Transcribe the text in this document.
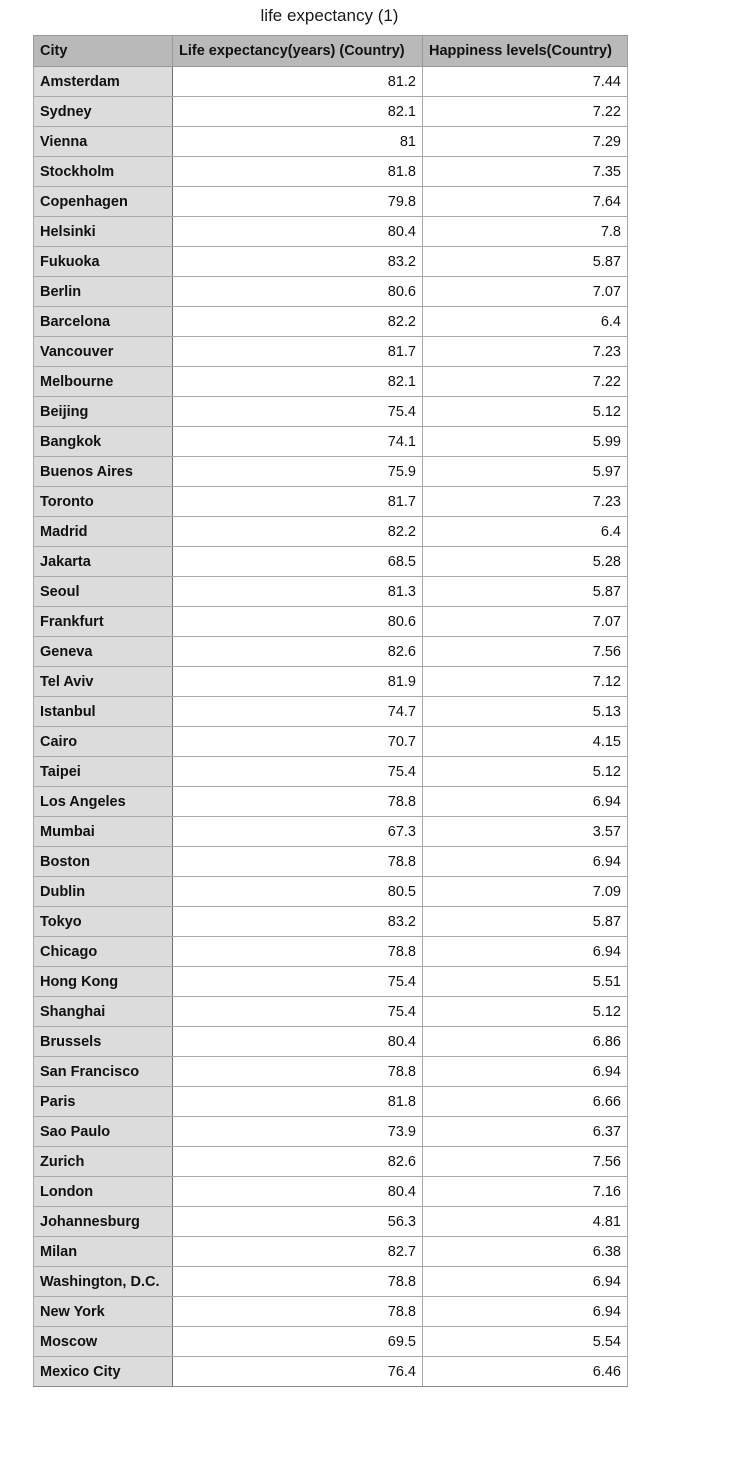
life expectancy (1)
City	Life expectancy(years) (Country)	Happiness levels(Country)
Amsterdam	81.2	7.44
Sydney	82.1	7.22
Vienna	81	7.29
Stockholm	81.8	7.35
Copenhagen	79.8	7.64
Helsinki	80.4	7.8
Fukuoka	83.2	5.87
Berlin	80.6	7.07
Barcelona	82.2	6.4
Vancouver	81.7	7.23
Melbourne	82.1	7.22
Beijing	75.4	5.12
Bangkok	74.1	5.99
Buenos Aires	75.9	5.97
Toronto	81.7	7.23
Madrid	82.2	6.4
Jakarta	68.5	5.28
Seoul	81.3	5.87
Frankfurt	80.6	7.07
Geneva	82.6	7.56
Tel Aviv	81.9	7.12
Istanbul	74.7	5.13
Cairo	70.7	4.15
Taipei	75.4	5.12
Los Angeles	78.8	6.94
Mumbai	67.3	3.57
Boston	78.8	6.94
Dublin	80.5	7.09
Tokyo	83.2	5.87
Chicago	78.8	6.94
Hong Kong	75.4	5.51
Shanghai	75.4	5.12
Brussels	80.4	6.86
San Francisco	78.8	6.94
Paris	81.8	6.66
Sao Paulo	73.9	6.37
Zurich	82.6	7.56
London	80.4	7.16
Johannesburg	56.3	4.81
Milan	82.7	6.38
Washington, D.C.	78.8	6.94
New York	78.8	6.94
Moscow	69.5	5.54
Mexico City	76.4	6.46
